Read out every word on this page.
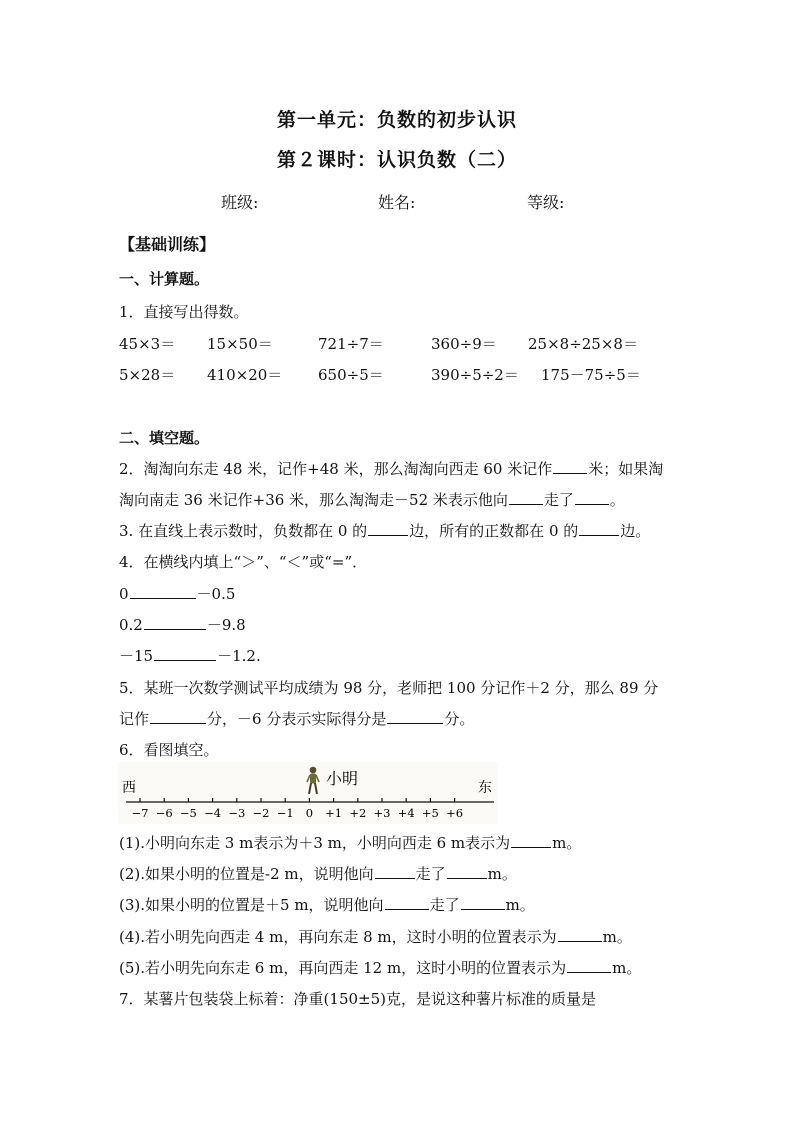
第一单元：负数的初步认识
第２课时：认识负数（二）
班级:	姓名:	等级:
【基础训练】
一、计算题。
1．直接写出得数。
45×3＝ 15×50＝	721÷7＝	360÷9＝ 25×8÷25×8＝
5×28＝ 410×20＝ 650÷5＝	390÷5÷2＝ 175－75÷5＝
二、填空题。
2．淘淘向东走 48 米，记作+48 米，那么淘淘向西走 60 米记作 米；如果淘
淘向南走 36 米记作+36 米，那么淘淘走－52 米表示他向 走了 。
3. 在直线上表示数时，负数都在 0 的	边，所有的正数都在 0 的	边。
4．在横线内填上“＞”、“＜”或“=”．
0	－0.5
0.2	－9.8
－15	－1.2.
5．某班一次数学测试平均成绩为 98 分，老师把 100 分记作＋2 分，那么 89 分
记作	分，－6 分表示实际得分是	分。
6．看图填空。
西	东
小明
−7 −6 −5 −4 −3 −2 −1 0 +1 +2 +3 +4 +5 +6
(1).小明向东走 3 m表示为＋3 m，小明向西走 6 m表示为	m。
(2).如果小明的位置是-2 m，说明他向	走了	m。
(3).如果小明的位置是＋5 m，说明他向	走了	m。
(4).若小明先向西走 4 m，再向东走 8 m，这时小明的位置表示为	m。
(5).若小明先向东走 6 m，再向西走 12 m，这时小明的位置表示为	m。
7．某薯片包装袋上标着：净重(150±5)克，是说这种薯片标准的质量是
